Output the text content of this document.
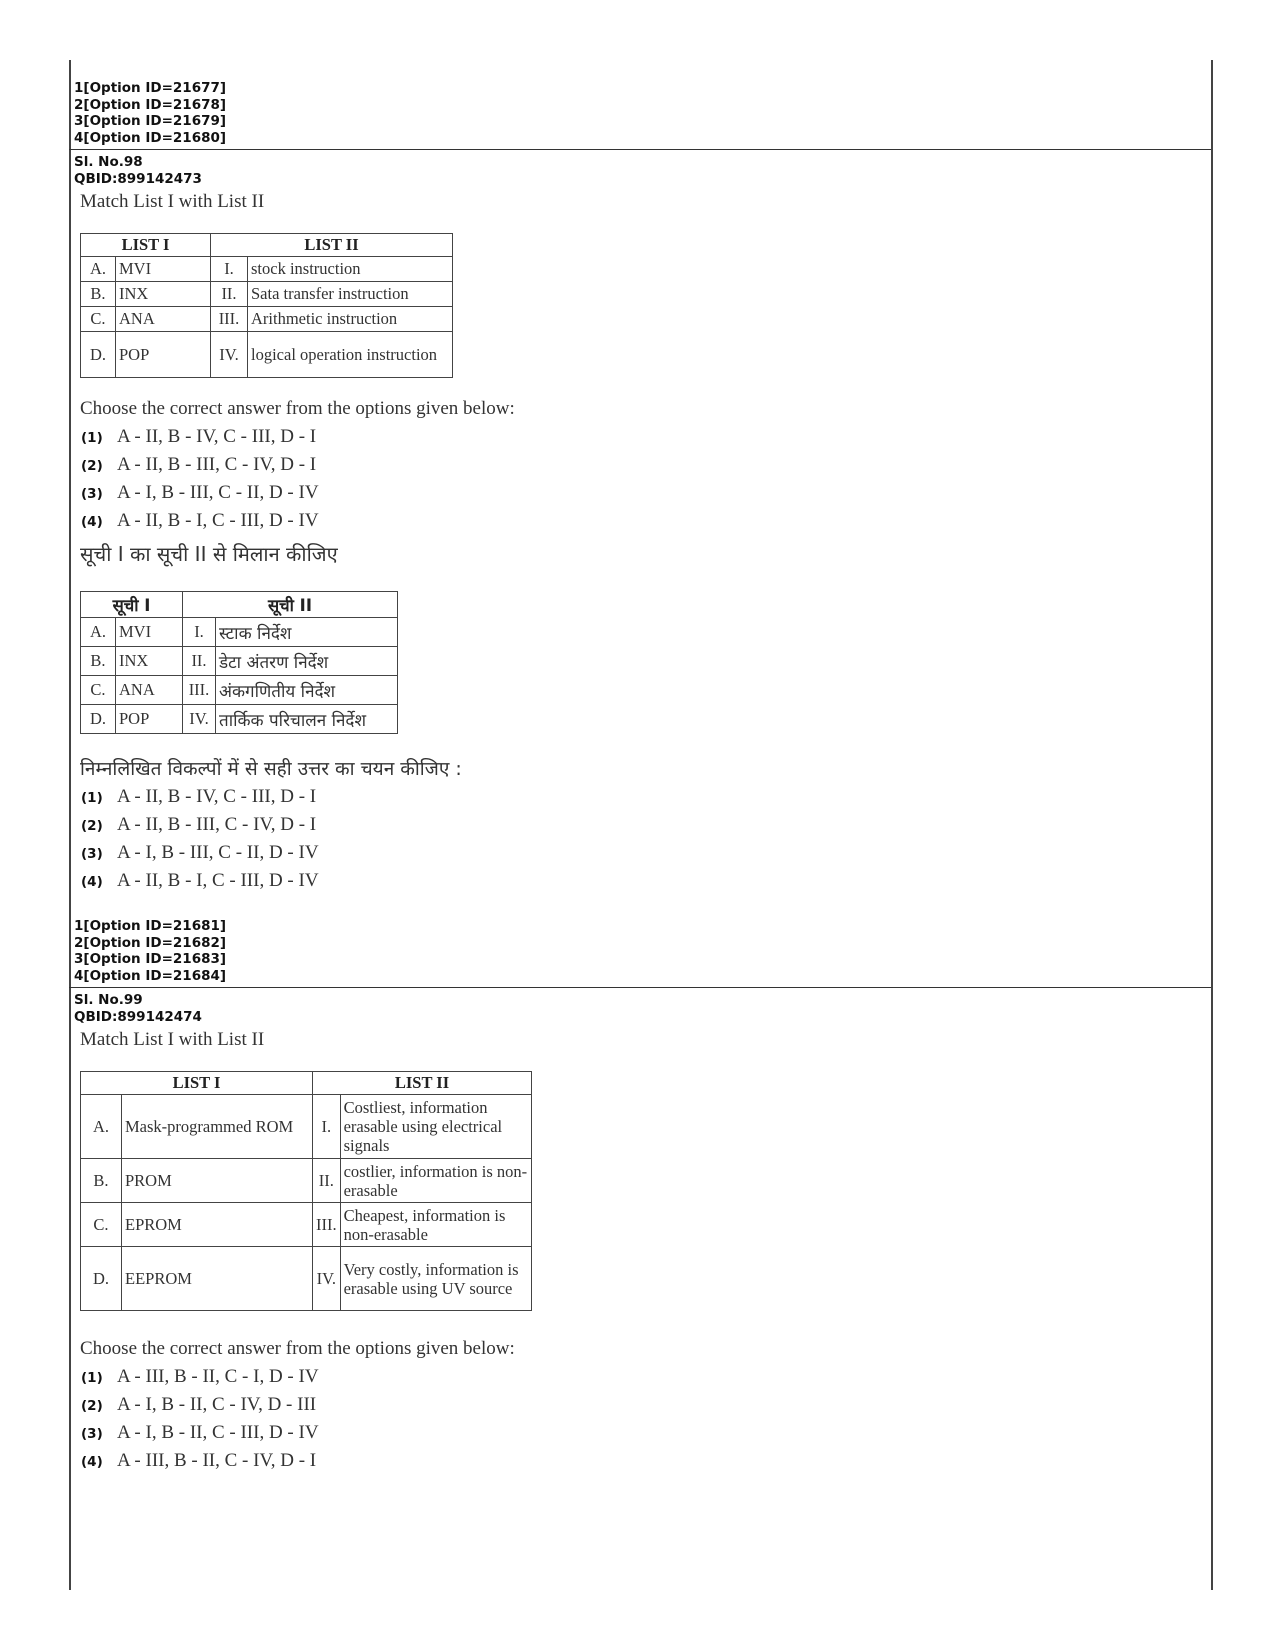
1[Option ID=21677]
2[Option ID=21678]
3[Option ID=21679]
4[Option ID=21680]
Sl. No.98
QBID:899142473
Match List I with List II
LIST I		LIST II	
A.	MVI	I.	stock instruction
B.	INX	II.	Sata transfer instruction
C.	ANA	III.	Arithmetic instruction
D.	POP	IV.	logical operation instruction
Choose the correct answer from the options given below:
(1) A - II, B - IV, C - III, D - I
(2) A - II, B - III, C - IV, D - I
(3) A - I, B - III, C - II, D - IV
(4) A - II, B - I, C - III, D - IV
सूची I का सूची II से मिलान कीजिए
सूची I		सूची II	
A.	MVI	I.	स्टाक निर्देश
B.	INX	II.	डेटा अंतरण निर्देश
C.	ANA	III.	अंकगणितीय निर्देश
D.	POP	IV.	तार्किक परिचालन निर्देश
निम्नलिखित विकल्पों में से सही उत्तर का चयन कीजिए :
(1) A - II, B - IV, C - III, D - I
(2) A - II, B - III, C - IV, D - I
(3) A - I, B - III, C - II, D - IV
(4) A - II, B - I, C - III, D - IV
1[Option ID=21681]
2[Option ID=21682]
3[Option ID=21683]
4[Option ID=21684]
Sl. No.99
QBID:899142474
Match List I with List II
LIST I		LIST II	
A.	Mask-programmed ROM	I.	Costliest, information erasable using electrical signals
B.	PROM	II.	costlier, information is non-erasable
C.	EPROM	III.	Cheapest, information is non-erasable
D.	EEPROM	IV.	Very costly, information is erasable using UV source
Choose the correct answer from the options given below:
(1) A - III, B - II, C - I, D - IV
(2) A - I, B - II, C - IV, D - III
(3) A - I, B - II, C - III, D - IV
(4) A - III, B - II, C - IV, D - I
